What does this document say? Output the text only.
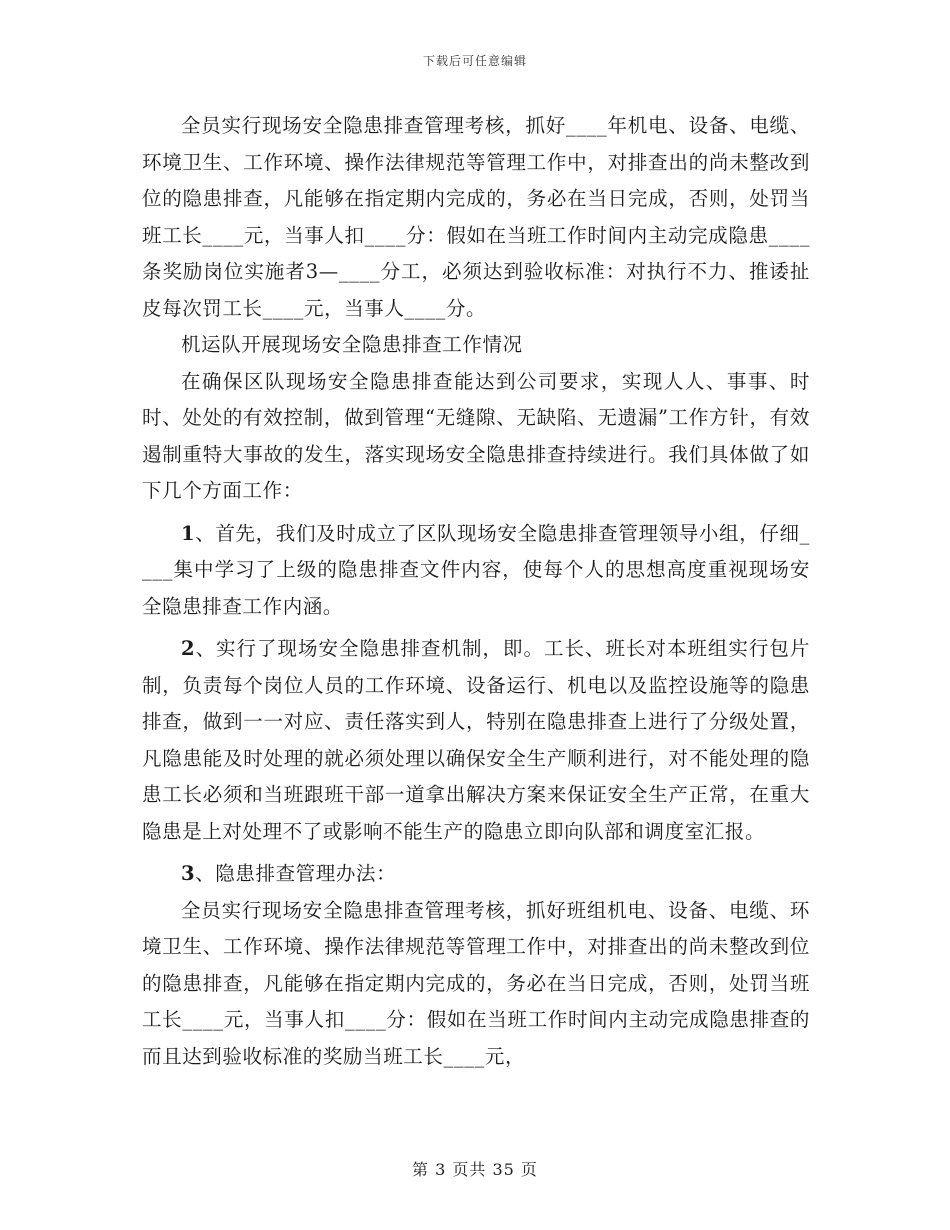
下载后可任意编辑

全员实行现场安全隐患排查管理考核，抓好____年机电、设备、电缆、环境卫生、工作环境、操作法律规范等管理工作中，对排查出的尚未整改到位的隐患排查，凡能够在指定期内完成的，务必在当日完成，否则，处罚当班工长____元，当事人扣____分：假如在当班工作时间内主动完成隐患____条奖励岗位实施者3—____分工，必须达到验收标准：对执行不力、推诿扯皮每次罚工长____元，当事人____分。

机运队开展现场安全隐患排查工作情况

在确保区队现场安全隐患排查能达到公司要求，实现人人、事事、时时、处处的有效控制，做到管理“无缝隙、无缺陷、无遗漏”工作方针，有效遏制重特大事故的发生，落实现场安全隐患排查持续进行。我们具体做了如下几个方面工作：

1、首先，我们及时成立了区队现场安全隐患排查管理领导小组，仔细____集中学习了上级的隐患排查文件内容，使每个人的思想高度重视现场安全隐患排查工作内涵。

2、实行了现场安全隐患排查机制，即。工长、班长对本班组实行包片制，负责每个岗位人员的工作环境、设备运行、机电以及监控设施等的隐患排查，做到一一对应、责任落实到人，特别在隐患排查上进行了分级处置，凡隐患能及时处理的就必须处理以确保安全生产顺利进行，对不能处理的隐患工长必须和当班跟班干部一道拿出解决方案来保证安全生产正常，在重大隐患是上对处理不了或影响不能生产的隐患立即向队部和调度室汇报。

3、隐患排查管理办法：

全员实行现场安全隐患排查管理考核，抓好班组机电、设备、电缆、环境卫生、工作环境、操作法律规范等管理工作中，对排查出的尚未整改到位的隐患排查，凡能够在指定期内完成的，务必在当日完成，否则，处罚当班工长____元，当事人扣____分：假如在当班工作时间内主动完成隐患排查的而且达到验收标准的奖励当班工长____元，

第 3 页共 35 页
